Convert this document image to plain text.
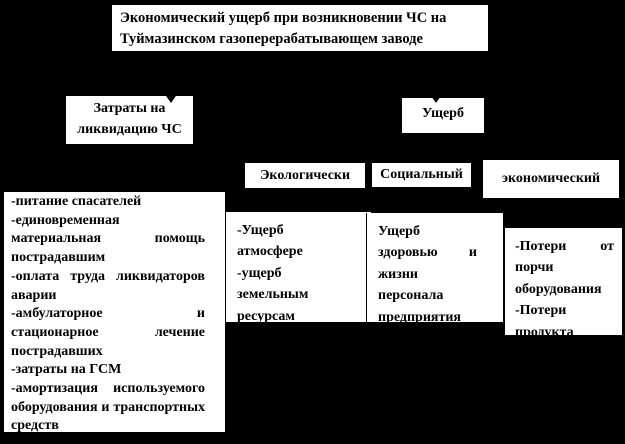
Экономический ущерб при возникновении ЧС на Туймазинском газоперерабатывающем заводе
Затраты на ликвидацию ЧС
Ущерб
Экологически	Социальный	экономический
-питание спасателей
-единовременная материальная помощь пострадавшим
-оплата труда ликвидаторов аварии
-амбулаторное и стационарное лечение пострадавших
-затраты на ГСМ
-амортизация используемого оборудования и транспортных средств
-Ущерб атмосфере
-ущерб земельным ресурсам
Ущерб здоровью и жизни персонала предприятия
-Потери от порчи оборудования
-Потери продукта
